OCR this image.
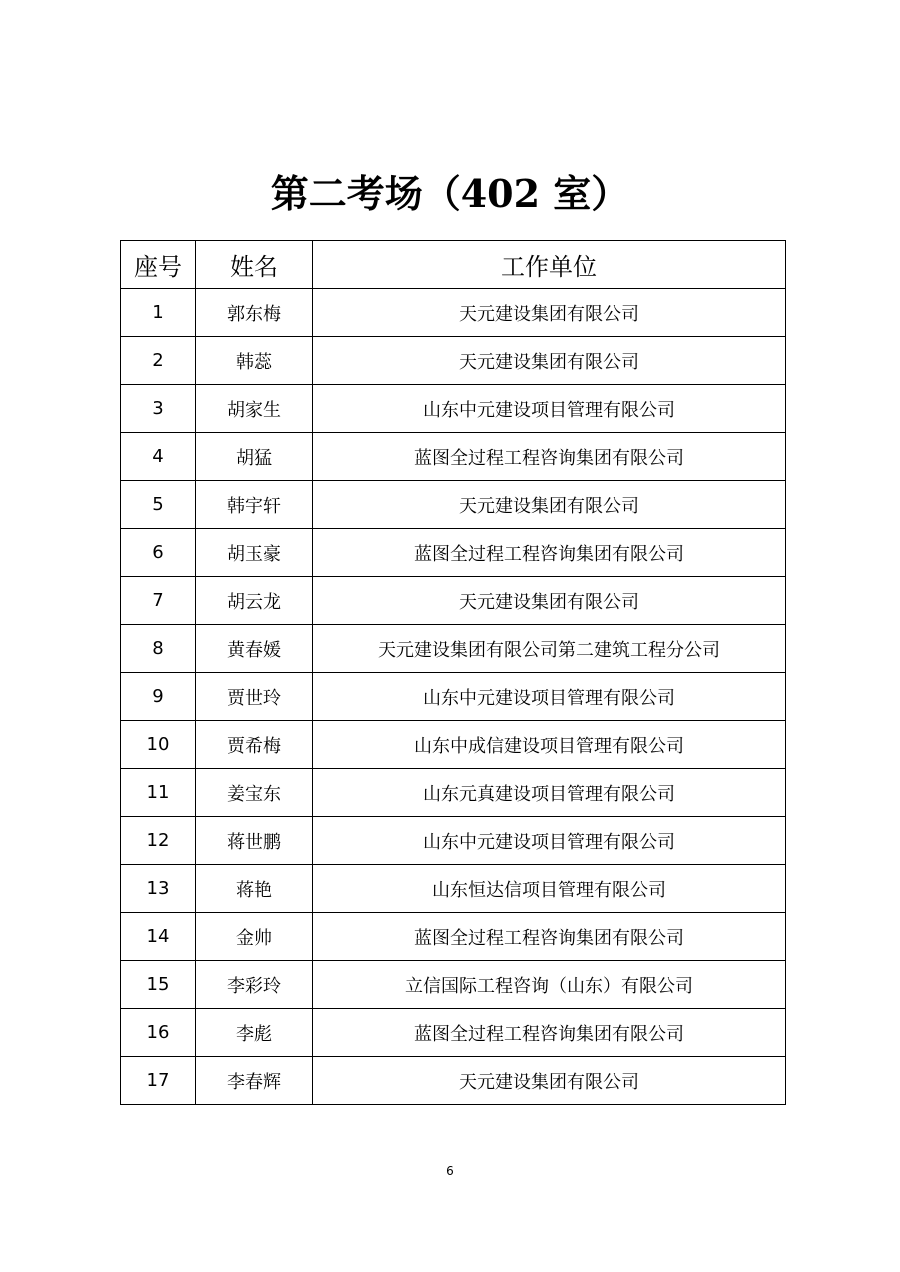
第二考场（402 室）
座号	姓名	工作单位
1	郭东梅	天元建设集团有限公司
2	韩蕊	天元建设集团有限公司
3	胡家生	山东中元建设项目管理有限公司
4	胡猛	蓝图全过程工程咨询集团有限公司
5	韩宇轩	天元建设集团有限公司
6	胡玉豪	蓝图全过程工程咨询集团有限公司
7	胡云龙	天元建设集团有限公司
8	黄春媛	天元建设集团有限公司第二建筑工程分公司
9	贾世玲	山东中元建设项目管理有限公司
10	贾希梅	山东中成信建设项目管理有限公司
11	姜宝东	山东元真建设项目管理有限公司
12	蒋世鹏	山东中元建设项目管理有限公司
13	蒋艳	山东恒达信项目管理有限公司
14	金帅	蓝图全过程工程咨询集团有限公司
15	李彩玲	立信国际工程咨询（山东）有限公司
16	李彪	蓝图全过程工程咨询集团有限公司
17	李春辉	天元建设集团有限公司
6
